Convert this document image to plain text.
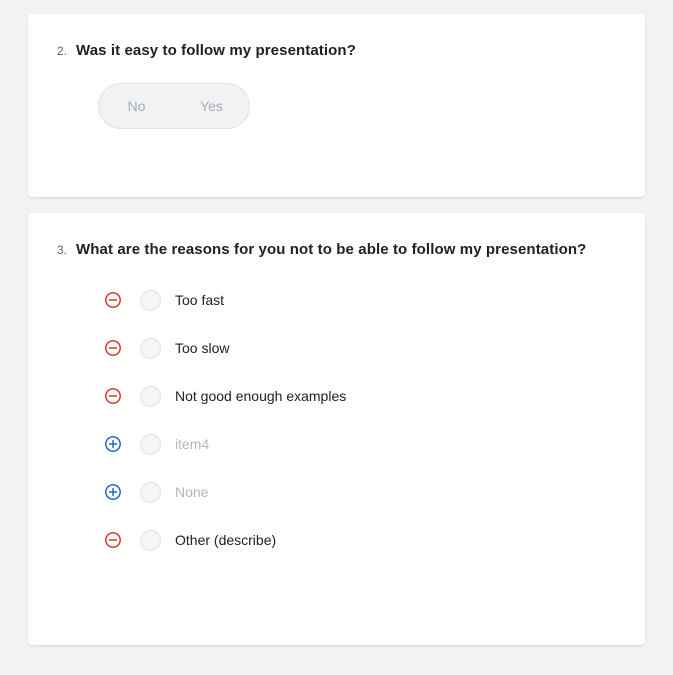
2. Was it easy to follow my presentation?
No	Yes
3. What are the reasons for you not to be able to follow my presentation?
Too fast
Too slow
Not good enough examples
item4
None
Other (describe)
